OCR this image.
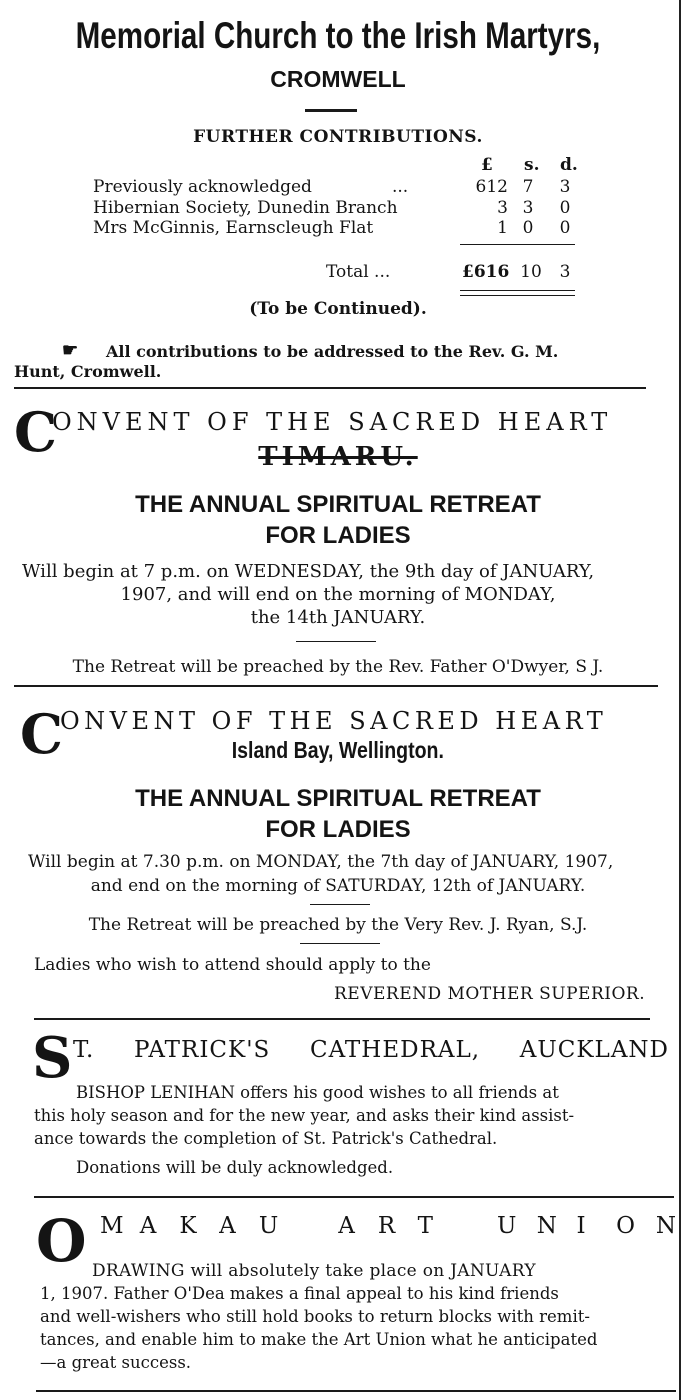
Memorial Church to the Irish Martyrs,
CROMWELL
FURTHER CONTRIBUTIONS.
£ s. d.
Previously acknowledged	...	612 7	3
Hibernian Society, Dunedin Branch	3 3	0
Mrs McGinnis, Earnscleugh Flat	1 0	0
Total ...	£616 10	3
(To be Continued).
☛ All contributions to be addressed to the Rev. G. M.
Hunt, Cromwell.
C
ONVENT OF THE SACRED HEART
TIMARU.
THE ANNUAL SPIRITUAL RETREAT
FOR LADIES
Will begin at 7 p.m. on WEDNESDAY, the 9th day of JANUARY,
1907, and will end on the morning of MONDAY,
the 14th JANUARY.
The Retreat will be preached by the Rev. Father O'Dwyer, S J.
C
ONVENT OF THE SACRED HEART
Island Bay, Wellington.
THE ANNUAL SPIRITUAL RETREAT
FOR LADIES
Will begin at 7.30 p.m. on MONDAY, the 7th day of JANUARY, 1907,
and end on the morning of SATURDAY, 12th of JANUARY.
The Retreat will be preached by the Very Rev. J. Ryan, S.J.
Ladies who wish to attend should apply to the
REVEREND MOTHER SUPERIOR.
S T. PATRICK'S CATHEDRAL, AUCKLAND
BISHOP LENIHAN offers his good wishes to all friends at
this holy season and for the new year, and asks their kind assist-
ance towards the completion of St. Patrick's Cathedral.
Donations will be duly acknowledged.
O M A	K A	U	A	R T	U N I	O N
DRAWING will absolutely take place on JANUARY
1, 1907. Father O'Dea makes a final appeal to his kind friends
and well-wishers who still hold books to return blocks with remit-
tances, and enable him to make the Art Union what he anticipated
—a great success.
